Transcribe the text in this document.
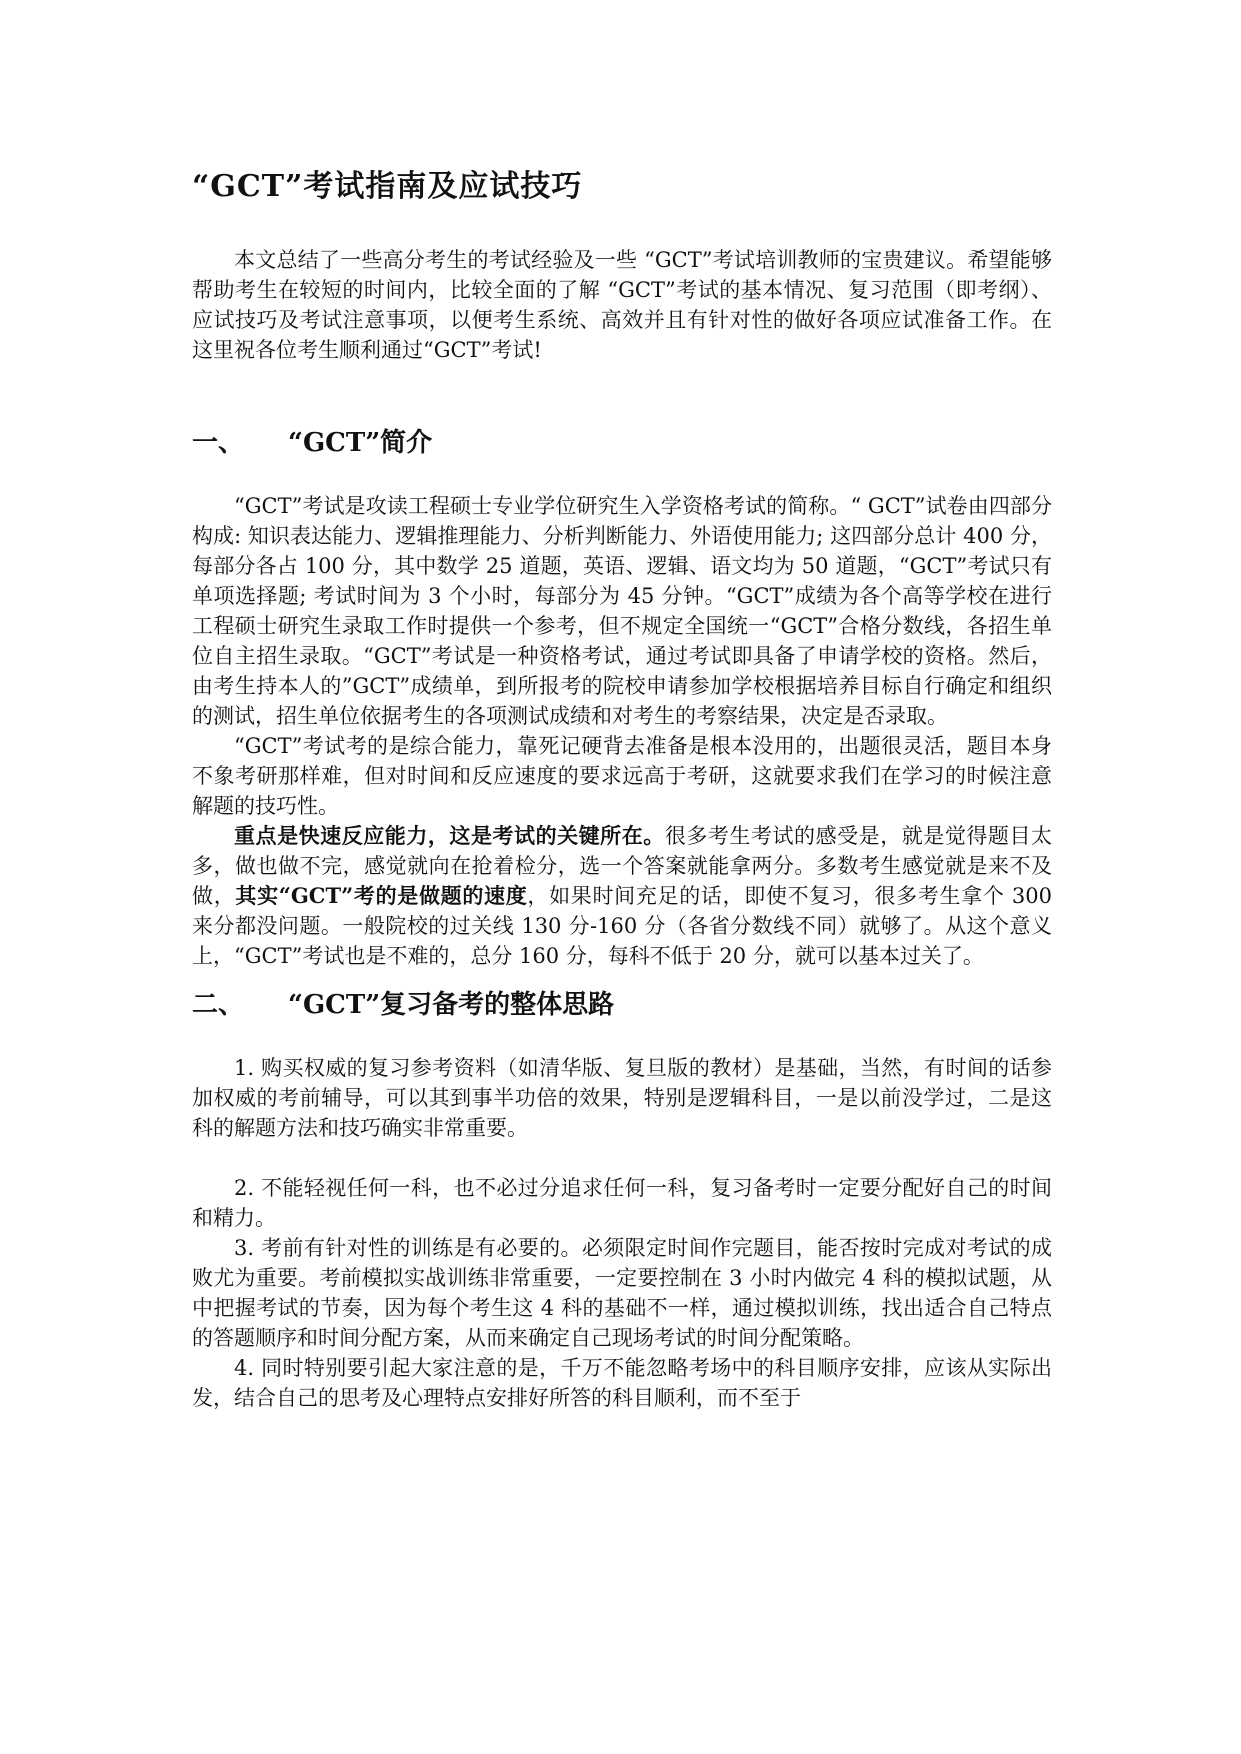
“GCT”考试指南及应试技巧

本文总结了一些高分考生的考试经验及一些 “GCT”考试培训教师的宝贵建议。希望能够帮助考生在较短的时间内，比较全面的了解 “GCT”考试的基本情况、复习范围（即考纲）、应试技巧及考试注意事项，以便考生系统、高效并且有针对性的做好各项应试准备工作。在这里祝各位考生顺利通过“GCT”考试!

一、	“GCT”简介

“GCT”考试是攻读工程硕士专业学位研究生入学资格考试的简称。“ GCT”试卷由四部分构成: 知识表达能力、逻辑推理能力、分析判断能力、外语使用能力; 这四部分总计 400 分，每部分各占 100 分，其中数学 25 道题，英语、逻辑、语文均为 50 道题，“GCT”考试只有单项选择题; 考试时间为 3 个小时，每部分为 45 分钟。“GCT”成绩为各个高等学校在进行工程硕士研究生录取工作时提供一个参考，但不规定全国统一“GCT”合格分数线，各招生单位自主招生录取。“GCT”考试是一种资格考试，通过考试即具备了申请学校的资格。然后，由考生持本人的”GCT”成绩单，到所报考的院校申请参加学校根据培养目标自行确定和组织的测试，招生单位依据考生的各项测试成绩和对考生的考察结果，决定是否录取。

“GCT”考试考的是综合能力，靠死记硬背去准备是根本没用的，出题很灵活，题目本身不象考研那样难，但对时间和反应速度的要求远高于考研，这就要求我们在学习的时候注意解题的技巧性。

重点是快速反应能力，这是考试的关键所在。很多考生考试的感受是，就是觉得题目太多，做也做不完，感觉就向在抢着检分，选一个答案就能拿两分。多数考生感觉就是来不及做，其实“GCT”考的是做题的速度，如果时间充足的话，即使不复习，很多考生拿个 300 来分都没问题。一般院校的过关线 130 分-160 分（各省分数线不同）就够了。从这个意义上，“GCT”考试也是不难的，总分 160 分，每科不低于 20 分，就可以基本过关了。

二、	“GCT”复习备考的整体思路

1. 购买权威的复习参考资料（如清华版、复旦版的教材）是基础，当然，有时间的话参加权威的考前辅导，可以其到事半功倍的效果，特别是逻辑科目，一是以前没学过，二是这科的解题方法和技巧确实非常重要。

2. 不能轻视任何一科，也不必过分追求任何一科，复习备考时一定要分配好自己的时间和精力。

3. 考前有针对性的训练是有必要的。必须限定时间作完题目，能否按时完成对考试的成败尤为重要。考前模拟实战训练非常重要，一定要控制在 3 小时内做完 4 科的模拟试题，从中把握考试的节奏，因为每个考生这 4 科的基础不一样，通过模拟训练，找出适合自己特点的答题顺序和时间分配方案，从而来确定自己现场考试的时间分配策略。

4. 同时特别要引起大家注意的是，千万不能忽略考场中的科目顺序安排，应该从实际出发，结合自己的思考及心理特点安排好所答的科目顺利，而不至于
